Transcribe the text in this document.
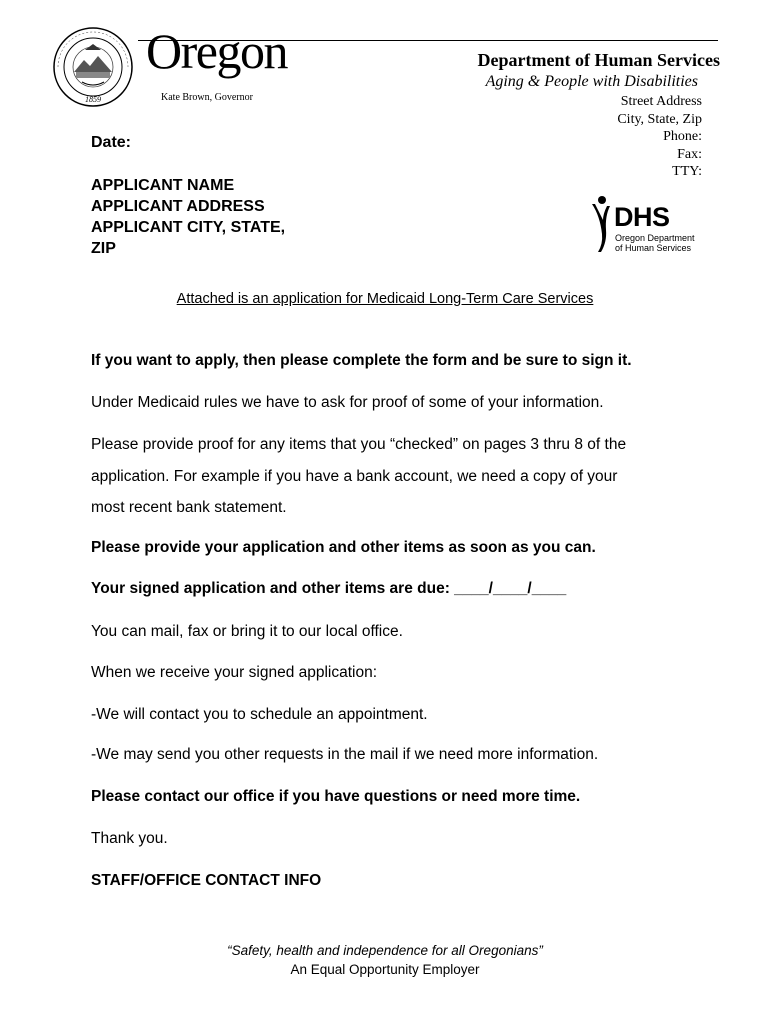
1859
Oregon
Kate Brown, Governor
Department of Human Services
Aging & People with Disabilities
Street Address
City, State, Zip
Phone:
Fax:
TTY:
DHS
Oregon Department
of Human Services
Date:
APPLICANT NAME
APPLICANT ADDRESS
APPLICANT CITY, STATE,
ZIP
Attached is an application for Medicaid Long-Term Care Services
If you want to apply, then please complete the form and be sure to sign it.
Under Medicaid rules we have to ask for proof of some of your information.
Please provide proof for any items that you “checked” on pages 3 thru 8 of the
application. For example if you have a bank account, we need a copy of your
most recent bank statement.
Please provide your application and other items as soon as you can.
Your signed application and other items are due: ____/____/____
You can mail, fax or bring it to our local office.
When we receive your signed application:
-We will contact you to schedule an appointment.
-We may send you other requests in the mail if we need more information.
Please contact our office if you have questions or need more time.
Thank you.
STAFF/OFFICE CONTACT INFO
“Safety, health and independence for all Oregonians”
An Equal Opportunity Employer
